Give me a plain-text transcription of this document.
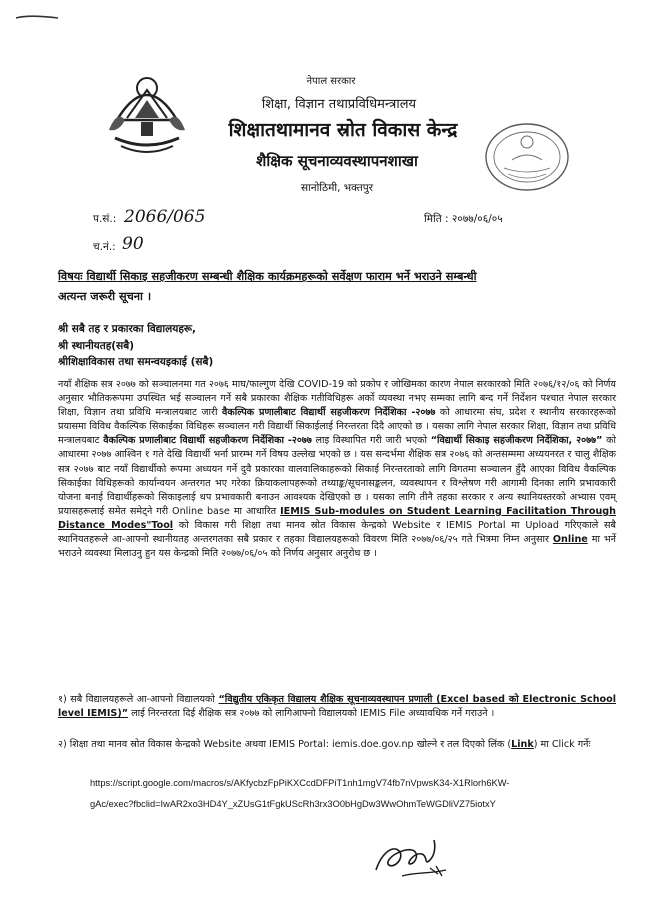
नेपाल सरकार
शिक्षा, विज्ञान तथाप्रविधिमन्त्रालय
शिक्षातथामानव स्रोत विकास केन्द्र
शैक्षिक सूचनाव्यवस्थापनशाखा
सानोठिमी, भक्तपुर
प.सं.: 2066/065	मिति : २०७७/०६/०५
च.नं.: 90
विषयः विद्यार्थी सिकाइ सहजीकरण सम्बन्धी शैक्षिक कार्यक्रमहरूको सर्वेक्षण फाराम भर्ने भराउने सम्बन्धी
अत्यन्त जरूरी सूचना ।
श्री सबै तह र प्रकारका विद्यालयहरू,
श्री स्थानीयतह(सबै)
श्रीशिक्षाविकास तथा समन्वयइकाई (सबै)
नयाँ शैक्षिक सत्र २०७७ को सञ्चालनमा गत २०७६ माघ/फाल्गुण देखि COVID-19 को प्रकोप र जोखिमका कारण नेपाल सरकारको मिति २०७६/१२/०६ को निर्णय अनुसार भौतिकरूपमा उपस्थित भई सञ्चालन गर्ने सबै प्रकारका शैक्षिक गतीविधिहरू अर्को व्यवस्था नभए सम्मका लागि बन्द गर्ने निर्देशन पश्चात नेपाल सरकार शिक्षा, विज्ञान तथा प्रविधि मन्त्रालयबाट जारी वैकल्पिक प्रणालीबाट विद्यार्थी सहजीकरण निर्देशिका -२०७७ को आधारमा संघ, प्रदेश र स्थानीय सरकारहरूको प्रयासमा विविध वैकल्पिक सिकाईका विधिहरू सञ्चालन गरी विद्यार्थी सिकाईलाई निरन्तरता दिदै आएको छ । यसका लागि नेपाल सरकार शिक्षा, विज्ञान तथा प्रविधि मन्त्रालयबाट वैकल्पिक प्रणालीबाट विद्यार्थी सहजीकरण निर्देशिका -२०७७ लाइ विस्थापित गरी जारी भएको “विद्यार्थी सिकाइ सहजीकरण निर्देशिका, २०७७” को आधारमा २०७७ आश्विन १ गते देखि विद्यार्थी भर्ना प्रारम्भ गर्ने विषय उल्लेख भएको छ । यस सन्दर्भमा शैक्षिक सत्र २०७६ को अन्तसम्ममा अध्ययनरत र चालु शैक्षिक सत्र २०७७ बाट नयाँ विद्यार्थीको रूपमा अध्ययन गर्ने दुवै प्रकारका वालवालिकाहरूको सिकाई निरन्तरताको लागि विगतमा सञ्चालन हुँदै आएका विविध वैकल्पिक सिकाईका विधिहरूको कार्यान्वयन अन्तरगत भए गरेका क्रियाकलापहरूको तथ्याङ्क/सूचनासङ्कलन, व्यवस्थापन र विश्लेषण गरी आगामी दिनका लागि प्रभावकारी योजना बनाई विद्यार्थीहरूको सिकाइलाई थप प्रभावकारी बनाउन आवश्यक देखिएको छ । यसका लागि तीनै तहका सरकार र अन्य स्थानियस्तरको अभ्यास एवम् प्रयासहरूलाई समेत समेट्ने गरी Online base मा आधारित IEMIS Sub-modules on Student Learning Facilitation Through Distance Modes"Tool को विकास गरी शिक्षा तथा मानव स्रोत विकास केन्द्रको Website र IEMIS Portal मा Upload गरिएकाले सबै स्थानियतहरूले आ-आफ्नो स्थानीयतह अन्तरगतका सबै प्रकार र तहका विद्यालयहरूको विवरण मिति २०७७/०६/२५ गते भित्रमा निम्न अनुसार Online मा भर्ने भराउने व्यवस्था मिलाउनु हुन यस केन्द्रको मिति २०७७/०६/०५ को निर्णय अनुसार अनुरोध छ ।
१) सबै विद्यालयहरूले आ-आपनो विद्यालयको “विद्युतीय एकिकृत विद्यालय शैक्षिक सूचनाव्यवस्थापन प्रणाली (Excel based को Electronic School level IEMIS)” लाई निरन्तरता दिई शैक्षिक सत्र २०७७ को लागिआफ्नो विद्यालयको IEMIS File अध्यावधिक गर्ने गराउने ।
२) शिक्षा तथा मानव स्रोत विकास केन्द्रको Website अथवा IEMIS Portal: iemis.doe.gov.np खोल्ने र तल दिएको लिंक (Link) मा Click गर्नेः
https://script.google.com/macros/s/AKfycbzFpPiKXCcdDFPiT1nh1mgV74fb7nVpwsK34-X1Rlorh6KW-
gAc/exec?fbclid=IwAR2xo3HD4Y_xZUsG1tFgkUScRh3rx3O0bHgDw3WwOhmTeWGDliVZ75iotxY
